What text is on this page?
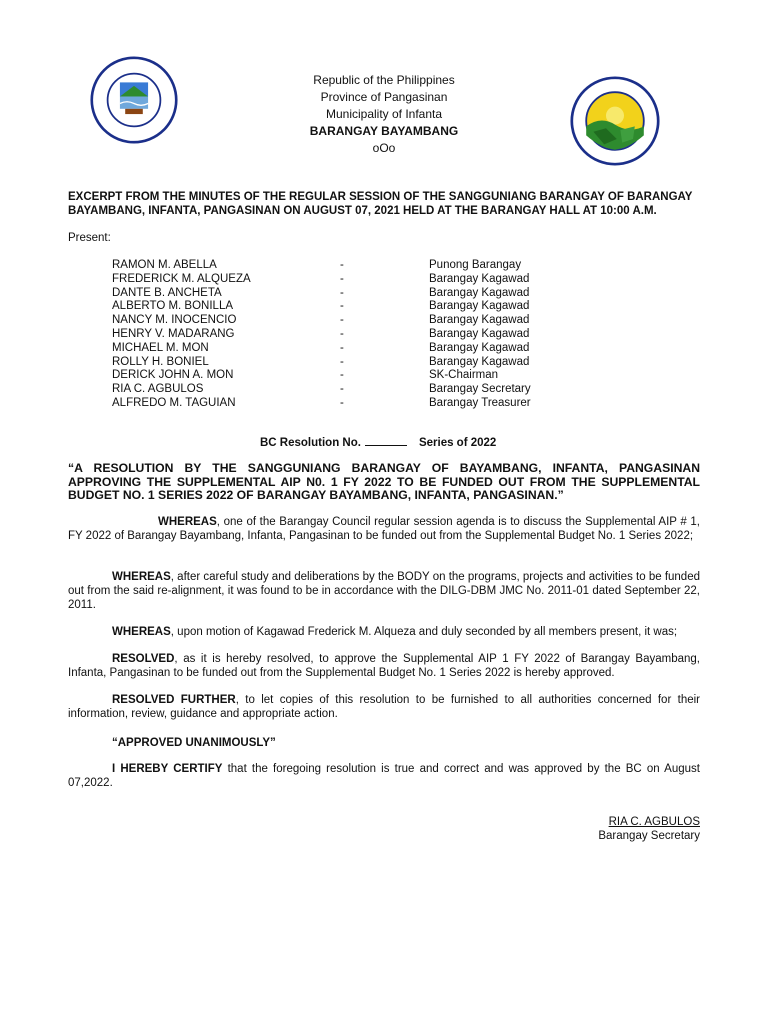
Republic of the Philippines
Province of Pangasinan
Municipality of Infanta
BARANGAY BAYAMBANG
oOo
EXCERPT FROM THE MINUTES OF THE REGULAR SESSION OF THE SANGGUNIANG BARANGAY OF BARANGAY BAYAMBANG, INFANTA, PANGASINAN ON AUGUST 07, 2021 HELD AT THE BARANGAY HALL AT 10:00 A.M.
Present:
RAMON M. ABELLA	-	Punong Barangay
FREDERICK M. ALQUEZA	-	Barangay Kagawad
DANTE B. ANCHETA	-	Barangay Kagawad
ALBERTO M. BONILLA	-	Barangay Kagawad
NANCY M. INOCENCIO	-	Barangay Kagawad
HENRY V. MADARANG	-	Barangay Kagawad
MICHAEL M. MON	-	Barangay Kagawad
ROLLY H. BONIEL	-	Barangay Kagawad
DERICK JOHN A. MON	-	SK-Chairman
RIA C. AGBULOS	-	Barangay Secretary
ALFREDO M. TAGUIAN	-	Barangay Treasurer
BC Resolution No.	Series of 2022
“A RESOLUTION BY THE SANGGUNIANG BARANGAY OF BAYAMBANG, INFANTA, PANGASINAN APPROVING THE SUPPLEMENTAL AIP N0. 1 FY 2022 TO BE FUNDED OUT FROM THE SUPPLEMENTAL BUDGET NO. 1 SERIES 2022 OF BARANGAY BAYAMBANG, INFANTA, PANGASINAN.”
WHEREAS, one of the Barangay Council regular session agenda is to discuss the Supplemental AIP # 1, FY 2022 of Barangay Bayambang, Infanta, Pangasinan to be funded out from the Supplemental Budget No. 1 Series 2022;
WHEREAS, after careful study and deliberations by the BODY on the programs, projects and activities to be funded out from the said re-alignment, it was found to be in accordance with the DILG-DBM JMC No. 2011-01 dated September 22, 2011.
WHEREAS, upon motion of Kagawad Frederick M. Alqueza and duly seconded by all members present, it was;
RESOLVED, as it is hereby resolved, to approve the Supplemental AIP 1 FY 2022 of Barangay Bayambang, Infanta, Pangasinan to be funded out from the Supplemental Budget No. 1 Series 2022 is hereby approved.
RESOLVED FURTHER, to let copies of this resolution to be furnished to all authorities concerned for their information, review, guidance and appropriate action.
“APPROVED UNANIMOUSLY”
I HEREBY CERTIFY that the foregoing resolution is true and correct and was approved by the BC on August 07,2022.
RIA C. AGBULOS
Barangay Secretary
